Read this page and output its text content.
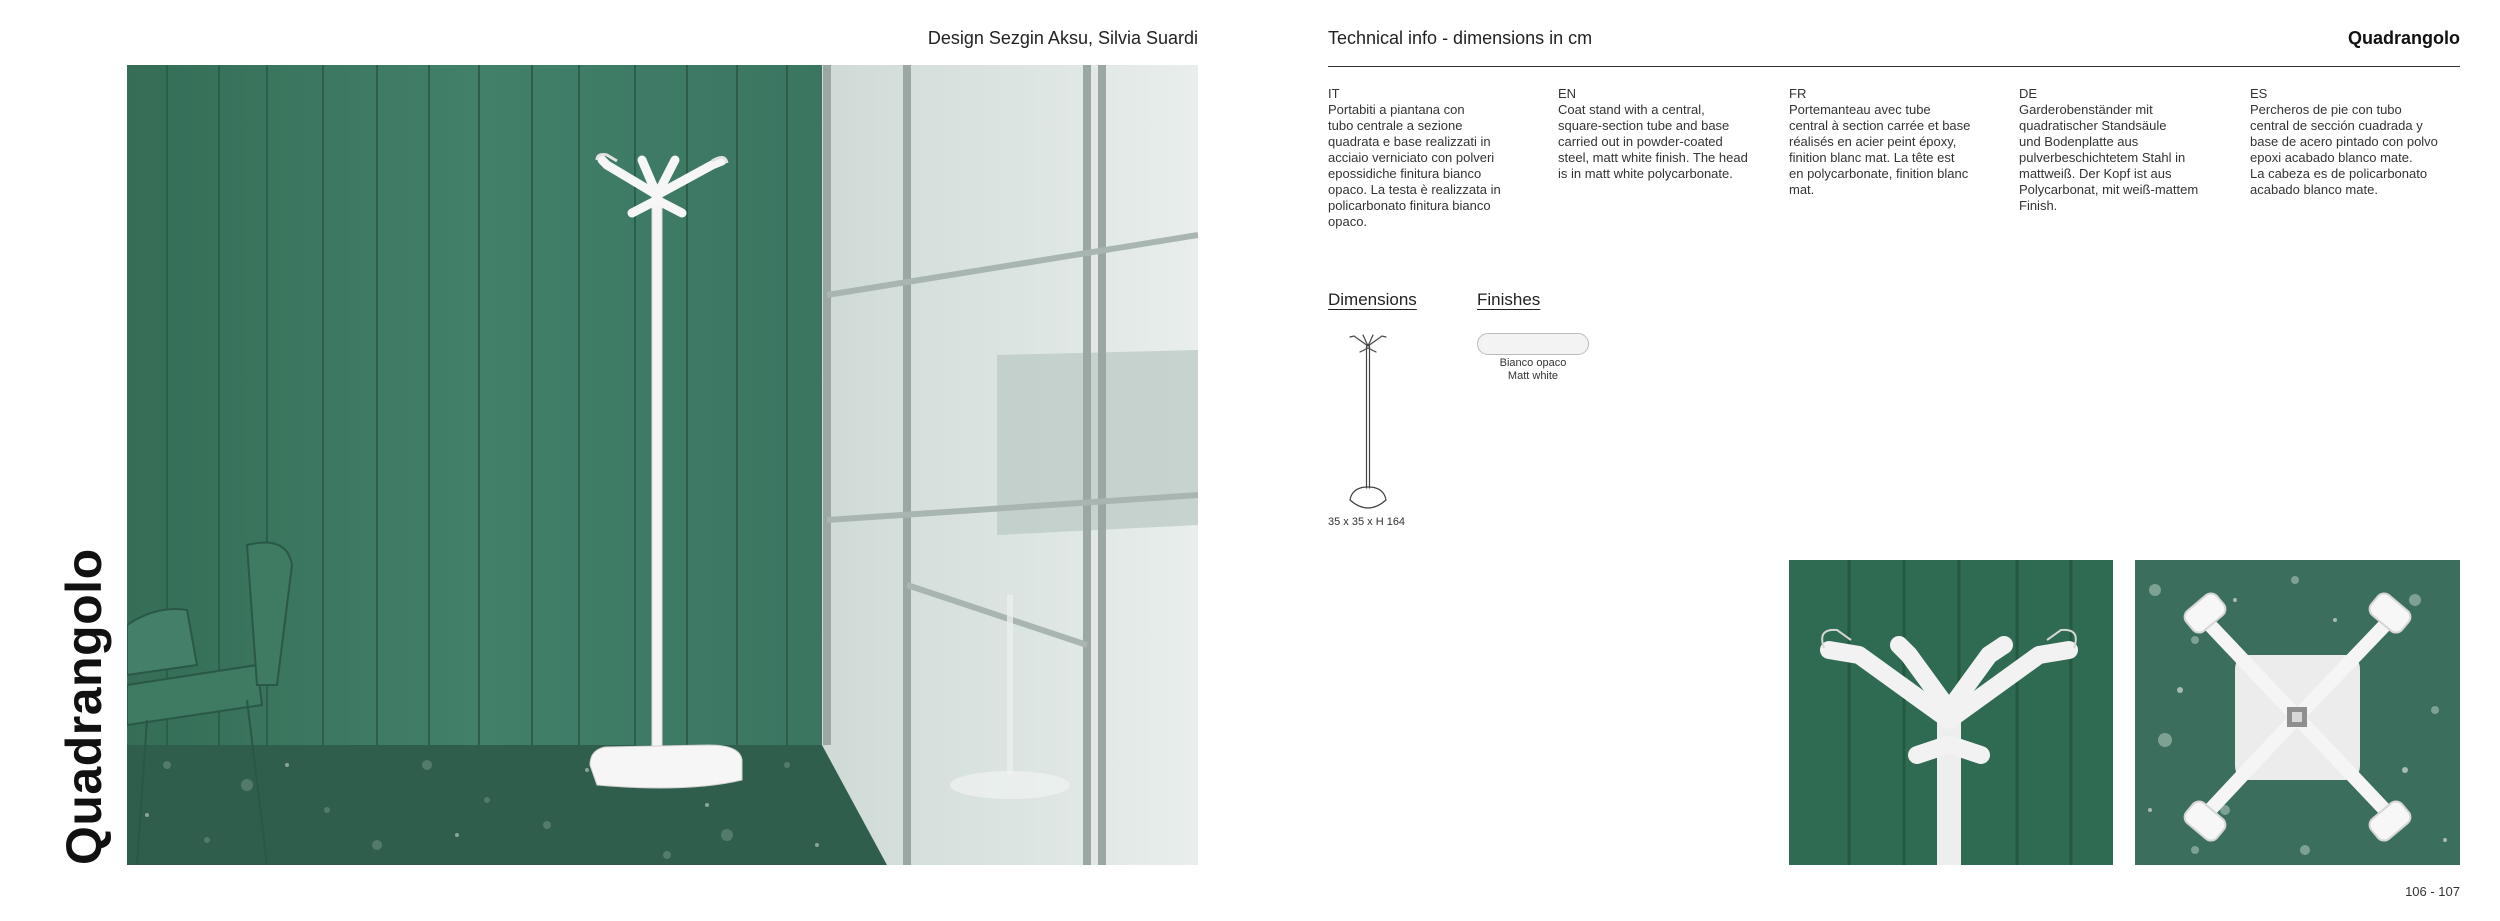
Quadrangolo
Design Sezgin Aksu, Silvia Suardi	Technical info - dimensions in cm	Quadrangolo
IT
Portabiti a piantana con
tubo centrale a sezione
quadrata e base realizzati in
acciaio verniciato con polveri
epossidiche finitura bianco
opaco. La testa è realizzata in
policarbonato finitura bianco
opaco.
EN
Coat stand with a central,
square-section tube and base
carried out in powder-coated
steel, matt white finish. The head
is in matt white polycarbonate.
FR
Portemanteau avec tube
central à section carrée et base
réalisés en acier peint époxy,
finition blanc mat. La tête est
en polycarbonate, finition blanc
mat.
DE
Garderobenständer mit
quadratischer Standsäule
und Bodenplatte aus
pulverbeschichtetem Stahl in
mattweiß. Der Kopf ist aus
Polycarbonat, mit weiß-mattem
Finish.
ES
Percheros de pie con tubo
central de sección cuadrada y
base de acero pintado con polvo
epoxi acabado blanco mate.
La cabeza es de policarbonato
acabado blanco mate.
Dimensions
35 x 35 x H 164
Finishes
Bianco opaco
Matt white
106 - 107
